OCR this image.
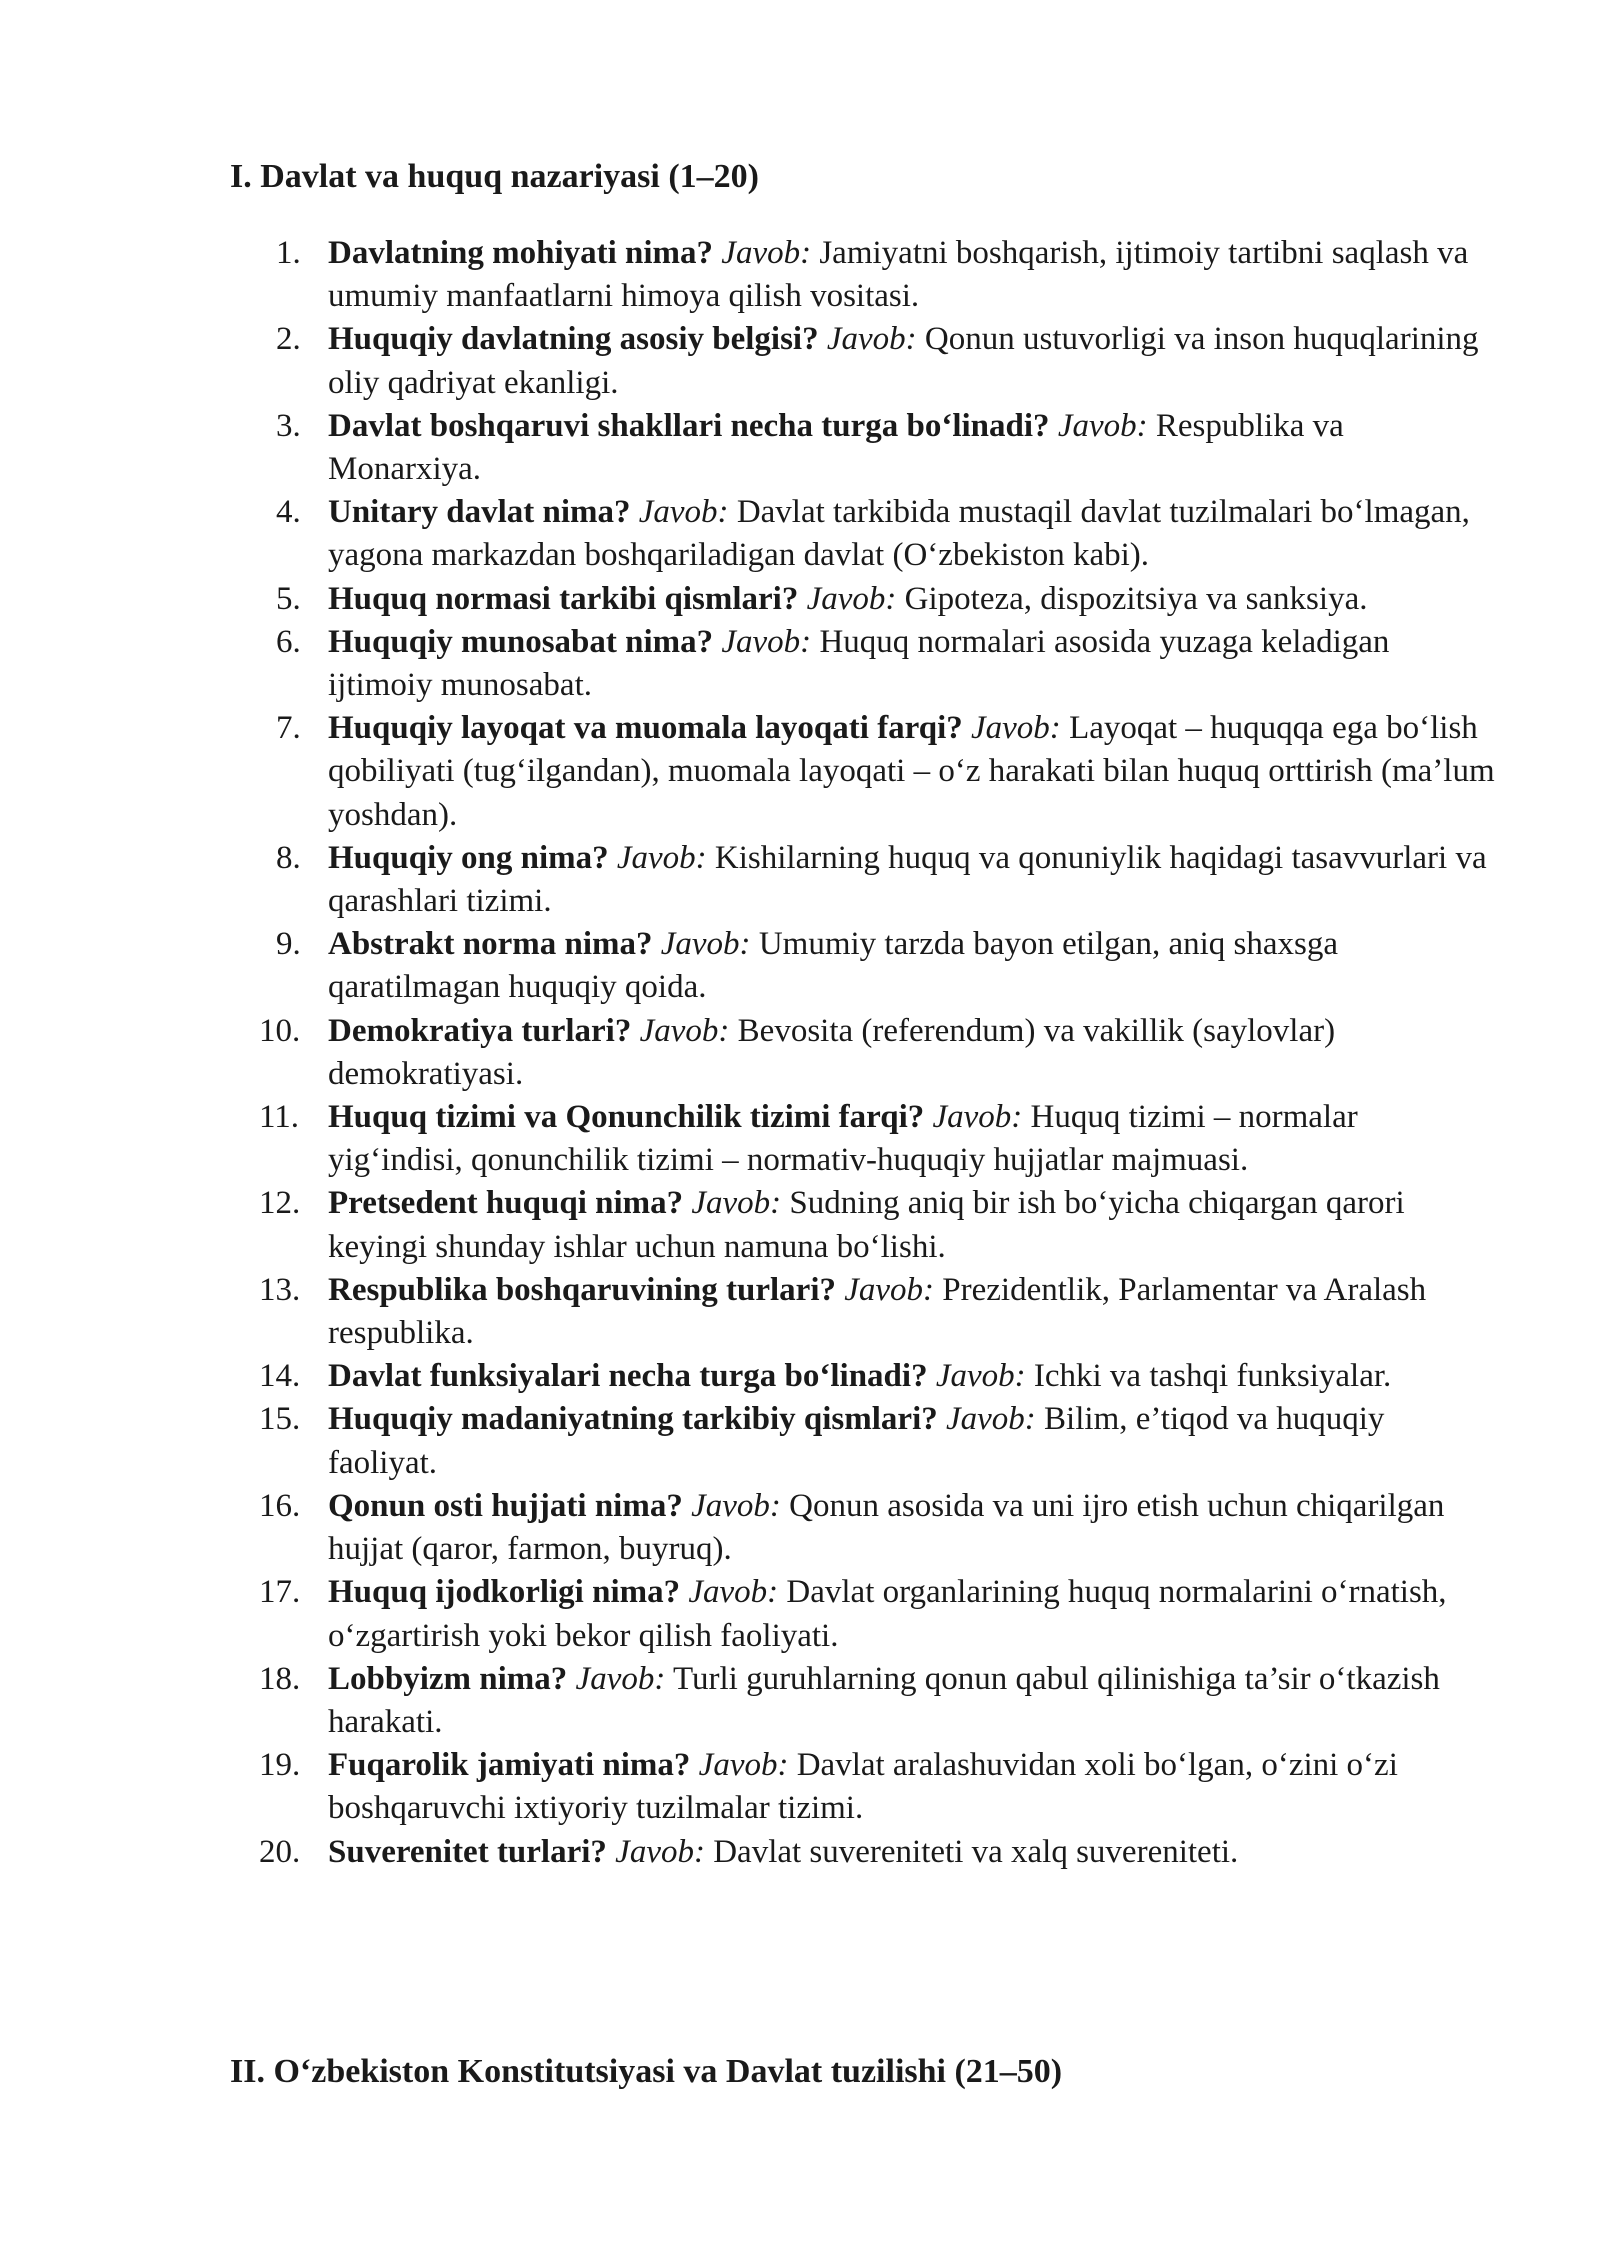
I. Davlat va huquq nazariyasi (1–20)
1. Davlatning mohiyati nima? Javob: Jamiyatni boshqarish, ijtimoiy tartibni saqlash va umumiy manfaatlarni himoya qilish vositasi.
2. Huquqiy davlatning asosiy belgisi? Javob: Qonun ustuvorligi va inson huquqlarining oliy qadriyat ekanligi.
3. Davlat boshqaruvi shakllari necha turga bo‘linadi? Javob: Respublika va Monarxiya.
4. Unitary davlat nima? Javob: Davlat tarkibida mustaqil davlat tuzilmalari bo‘lmagan, yagona markazdan boshqariladigan davlat (O‘zbekiston kabi).
5. Huquq normasi tarkibi qismlari? Javob: Gipoteza, dispozitsiya va sanksiya.
6. Huquqiy munosabat nima? Javob: Huquq normalari asosida yuzaga keladigan ijtimoiy munosabat.
7. Huquqiy layoqat va muomala layoqati farqi? Javob: Layoqat – huquqqa ega bo‘lish qobiliyati (tug‘ilgandan), muomala layoqati – o‘z harakati bilan huquq orttirish (ma’lum yoshdan).
8. Huquqiy ong nima? Javob: Kishilarning huquq va qonuniylik haqidagi tasavvurlari va qarashlari tizimi.
9. Abstrakt norma nima? Javob: Umumiy tarzda bayon etilgan, aniq shaxsga qaratilmagan huquqiy qoida.
10. Demokratiya turlari? Javob: Bevosita (referendum) va vakillik (saylovlar) demokratiyasi.
11. Huquq tizimi va Qonunchilik tizimi farqi? Javob: Huquq tizimi – normalar yig‘indisi, qonunchilik tizimi – normativ-huquqiy hujjatlar majmuasi.
12. Pretsedent huquqi nima? Javob: Sudning aniq bir ish bo‘yicha chiqargan qarori keyingi shunday ishlar uchun namuna bo‘lishi.
13. Respublika boshqaruvining turlari? Javob: Prezidentlik, Parlamentar va Aralash respublika.
14. Davlat funksiyalari necha turga bo‘linadi? Javob: Ichki va tashqi funksiyalar.
15. Huquqiy madaniyatning tarkibiy qismlari? Javob: Bilim, e’tiqod va huquqiy faoliyat.
16. Qonun osti hujjati nima? Javob: Qonun asosida va uni ijro etish uchun chiqarilgan hujjat (qaror, farmon, buyruq).
17. Huquq ijodkorligi nima? Javob: Davlat organlarining huquq normalarini o‘rnatish, o‘zgartirish yoki bekor qilish faoliyati.
18. Lobbyizm nima? Javob: Turli guruhlarning qonun qabul qilinishiga ta’sir o‘tkazish harakati.
19. Fuqarolik jamiyati nima? Javob: Davlat aralashuvidan xoli bo‘lgan, o‘zini o‘zi boshqaruvchi ixtiyoriy tuzilmalar tizimi.
20. Suverenitet turlari? Javob: Davlat suvereniteti va xalq suvereniteti.
II. O‘zbekiston Konstitutsiyasi va Davlat tuzilishi (21–50)
